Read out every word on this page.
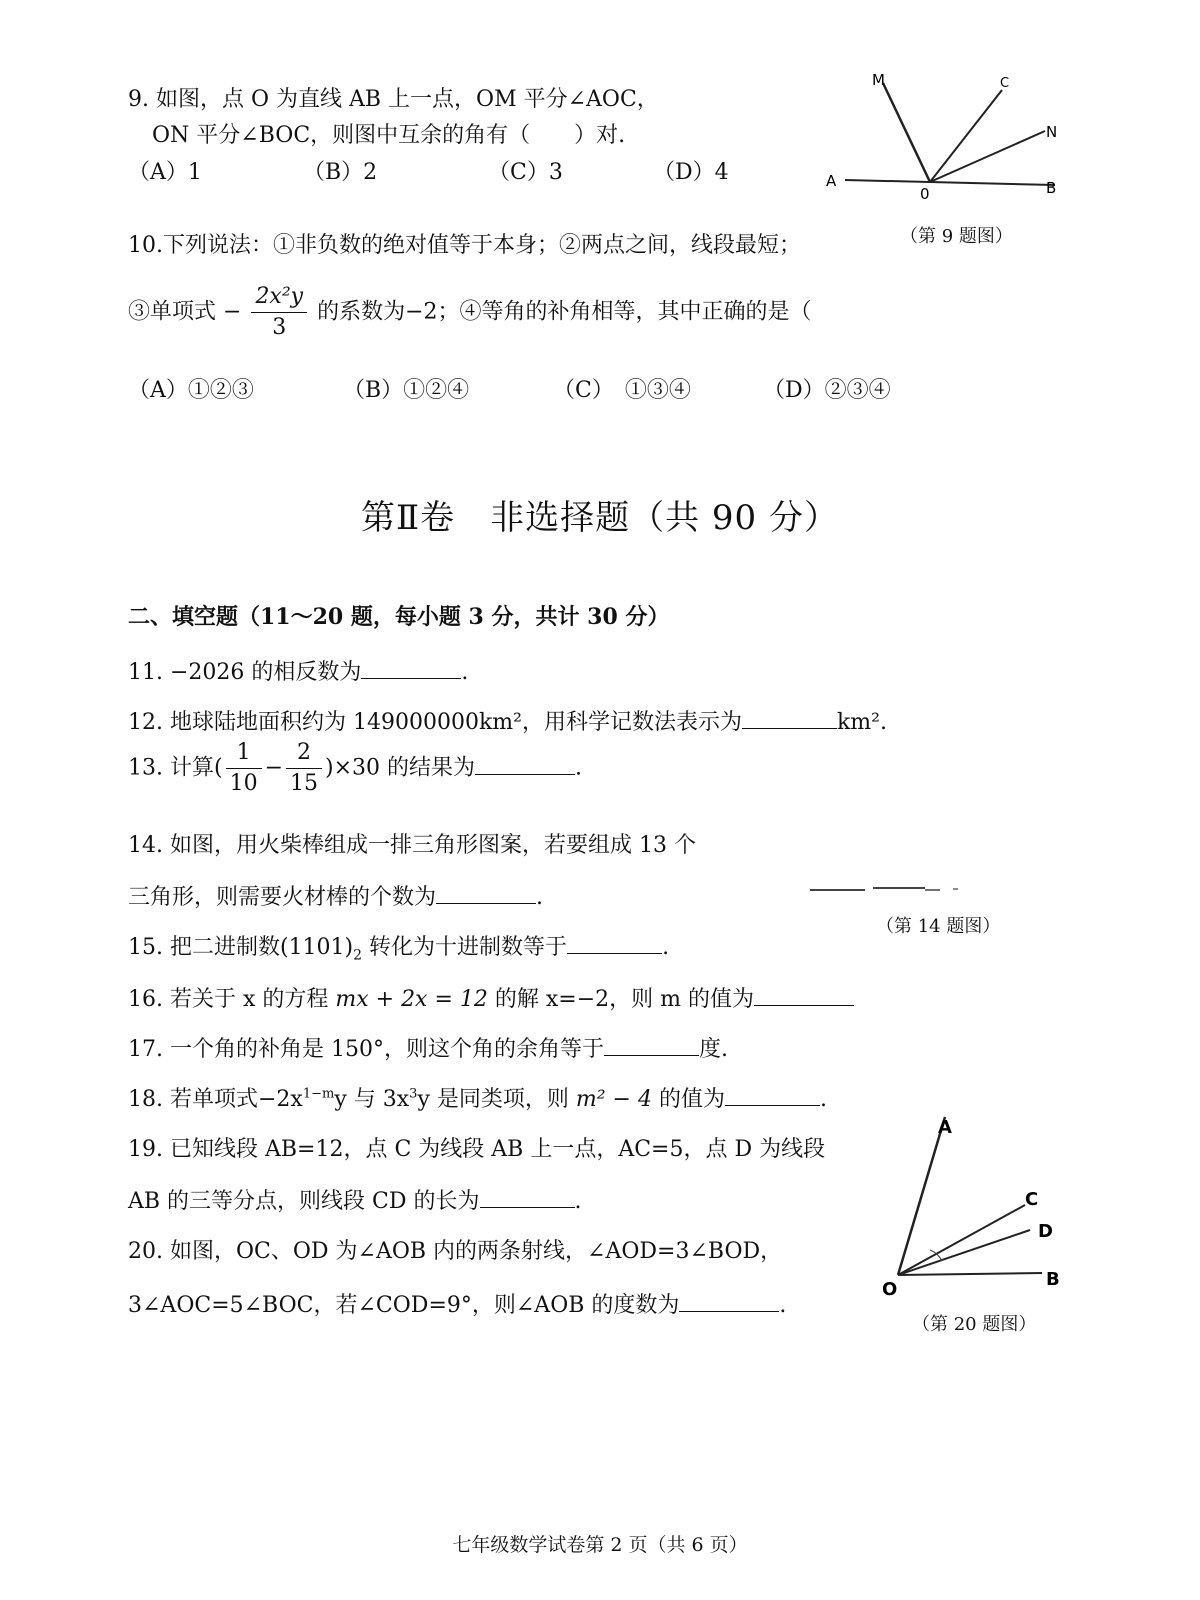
9. 如图，点 O 为直线 AB 上一点，OM 平分∠AOC，
ON 平分∠BOC，则图中互余的角有（　　）对.
（A）1	（B）2	（C）3	（D）4
M	C
N
A
0	B
（第 9 题图）
10.下列说法：①非负数的绝对值等于本身；②两点之间，线段最短；
③单项式 − $\frac{\text{2x²y}}{3}$ 的系数为−2；④等角的补角相等，其中正确的是（
（A）①②③	（B）①②④	（C）　①③④	（D）②③④
第Ⅱ卷　非选择题（共 90 分）
二、填空题（11～20 题，每小题 3 分，共计 30 分）
11. −2026 的相反数为	.
12. 地球陆地面积约为 149000000km²，用科学记数法表示为	km².
13. 计算( $\frac{1}{10} - \frac{2}{15} )\times 30$ 的结果为	.
14. 如图，用火柴棒组成一排三角形图案，若要组成 13 个
三角形，则需要火材棒的个数为	.
（第 14 题图）
15. 把二进制数$(1101)_2$ 转化为十进制数等于	.
16. 若关于 x 的方程 mx + 2x = 12 的解 x=−2，则 m 的值为
17. 一个角的补角是 150°，则这个角的余角等于	度.
18. 若单项式$-2x^{1-m}y$ 与 $3x^3y$ 是同类项，则 m² − 4 的值为	.
19. 已知线段 AB=12，点 C 为线段 AB 上一点，AC=5，点 D 为线段
AB 的三等分点，则线段 CD 的长为	.
20. 如图，OC、OD 为∠AOB 内的两条射线，∠AOD=3∠BOD，
3∠AOC=5∠BOC，若∠COD=9°，则∠AOB 的度数为	.
A
C
D
O	B
（第 20 题图）
七年级数学试卷第 2 页（共 6 页）
